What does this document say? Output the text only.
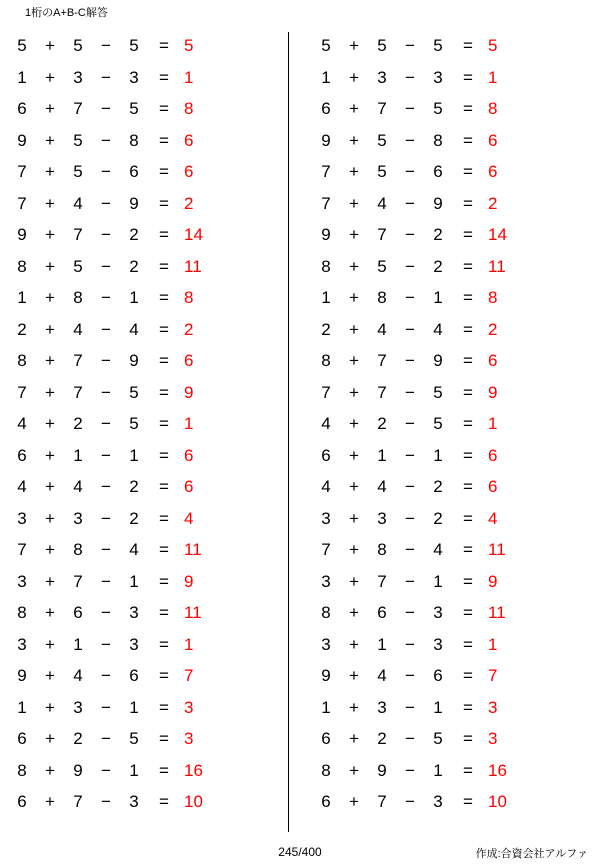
1桁のA+B-C解答
5	+	5	−	5	= 5
1	+	3	−	3	= 1
6	+	7	−	5	= 8
9	+	5	−	8	= 6
7	+	5	−	6	= 6
7	+	4	−	9	= 2
9	+	7	−	2	= 14
8	+	5	−	2	= 11
1	+	8	−	1	= 8
2	+	4	−	4	= 2
8	+	7	−	9	= 6
7	+	7	−	5	= 9
4	+	2	−	5	= 1
6	+	1	−	1	= 6
4	+	4	−	2	= 6
3	+	3	−	2	= 4
7	+	8	−	4	= 11
3	+	7	−	1	= 9
8	+	6	−	3	= 11
3	+	1	−	3	= 1
9	+	4	−	6	= 7
1	+	3	−	1	= 3
6	+	2	−	5	= 3
8	+	9	−	1	= 16
6	+	7	−	3	= 10
5	+	5	−	5	= 5
1	+	3	−	3	= 1
6	+	7	−	5	= 8
9	+	5	−	8	= 6
7	+	5	−	6	= 6
7	+	4	−	9	= 2
9	+	7	−	2	= 14
8	+	5	−	2	= 11
1	+	8	−	1	= 8
2	+	4	−	4	= 2
8	+	7	−	9	= 6
7	+	7	−	5	= 9
4	+	2	−	5	= 1
6	+	1	−	1	= 6
4	+	4	−	2	= 6
3	+	3	−	2	= 4
7	+	8	−	4	= 11
3	+	7	−	1	= 9
8	+	6	−	3	= 11
3	+	1	−	3	= 1
9	+	4	−	6	= 7
1	+	3	−	1	= 3
6	+	2	−	5	= 3
8	+	9	−	1	= 16
6	+	7	−	3	= 10
245/400	作成:合資会社アルファ
